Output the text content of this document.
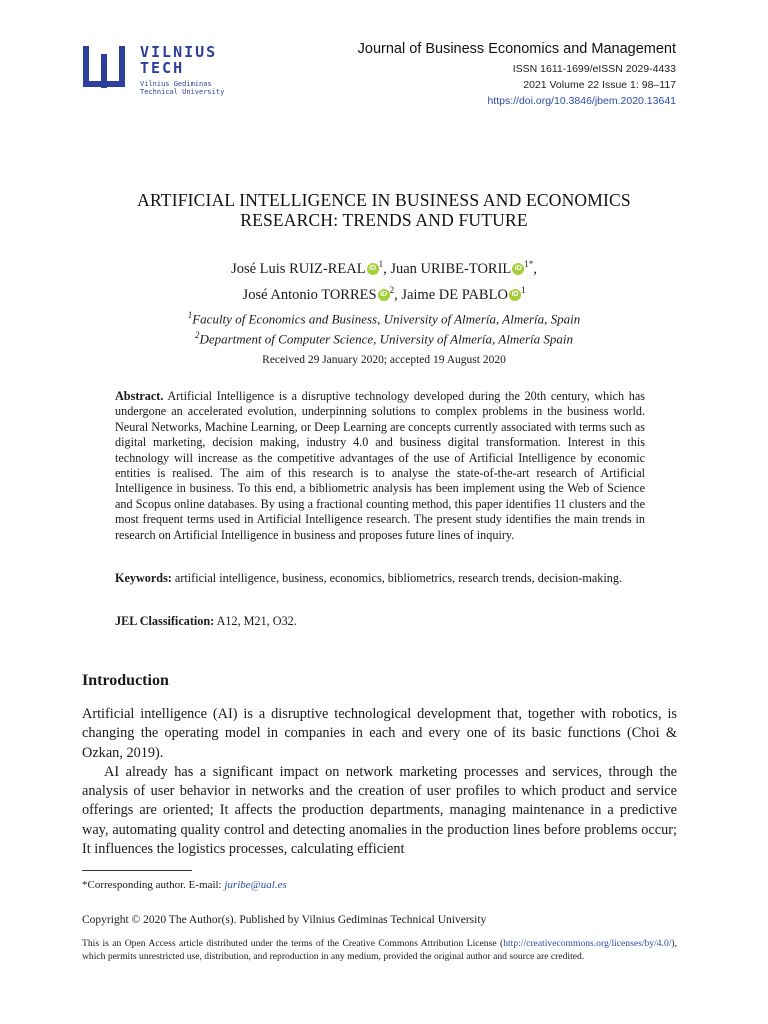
VILNIUS
TECH
Vilnius Gediminas
Technical University
Journal of Business Economics and Management
ISSN 1611-1699/eISSN 2029-4433
2021 Volume 22 Issue 1: 98–117
https://doi.org/10.3846/jbem.2020.13641
ARTIFICIAL INTELLIGENCE IN BUSINESS AND ECONOMICS
RESEARCH: TRENDS AND FUTURE
José Luis RUIZ-REAL iD $^1$, Juan URIBE-TORIL iD $^{1*}$,
José Antonio TORRES iD $^2$, Jaime DE PABLO iD $^1$
$^1$Faculty of Economics and Business, University of Almería, Almería, Spain
$^2$Department of Computer Science, University of Almería, Almería Spain
Received 29 January 2020; accepted 19 August 2020
Abstract. Artificial Intelligence is a disruptive technology developed during the 20th century, which has undergone an accelerated evolution, underpinning solutions to complex problems in the business world. Neural Networks, Machine Learning, or Deep Learning are concepts currently associated with terms such as digital marketing, decision making, industry 4.0 and business digital transformation. Interest in this technology will increase as the competitive advantages of the use of Artificial Intelligence by economic entities is realised. The aim of this research is to analyse the state-of-the-art research of Artificial Intelligence in business. To this end, a bibliometric analysis has been implement using the Web of Science and Scopus online databases. By using a fractional counting method, this paper identifies 11 clusters and the most frequent terms used in Artificial Intelligence research. The present study identifies the main trends in research on Artificial Intelligence in business and proposes future lines of inquiry.
Keywords: artificial intelligence, business, economics, bibliometrics, research trends, decision-making.
JEL Classification: A12, M21, O32.
Introduction

Artificial intelligence (AI) is a disruptive technological development that, together with robotics, is changing the operating model in companies in each and every one of its basic functions (Choi & Ozkan, 2019).

AI already has a significant impact on network marketing processes and services, through the analysis of user behavior in networks and the creation of user profiles to which product and service offerings are oriented; It affects the production departments, managing maintenance in a predictive way, automating quality control and detecting anomalies in the production lines before problems occur; It influences the logistics processes, calculating efficient

*Corresponding author. E-mail: juribe@ual.es
Copyright © 2020 The Author(s). Published by Vilnius Gediminas Technical University
This is an Open Access article distributed under the terms of the Creative Commons Attribution License (http://creativecommons.org/licenses/by/4.0/), which permits unrestricted use, distribution, and reproduction in any medium, provided the original author and source are credited.
